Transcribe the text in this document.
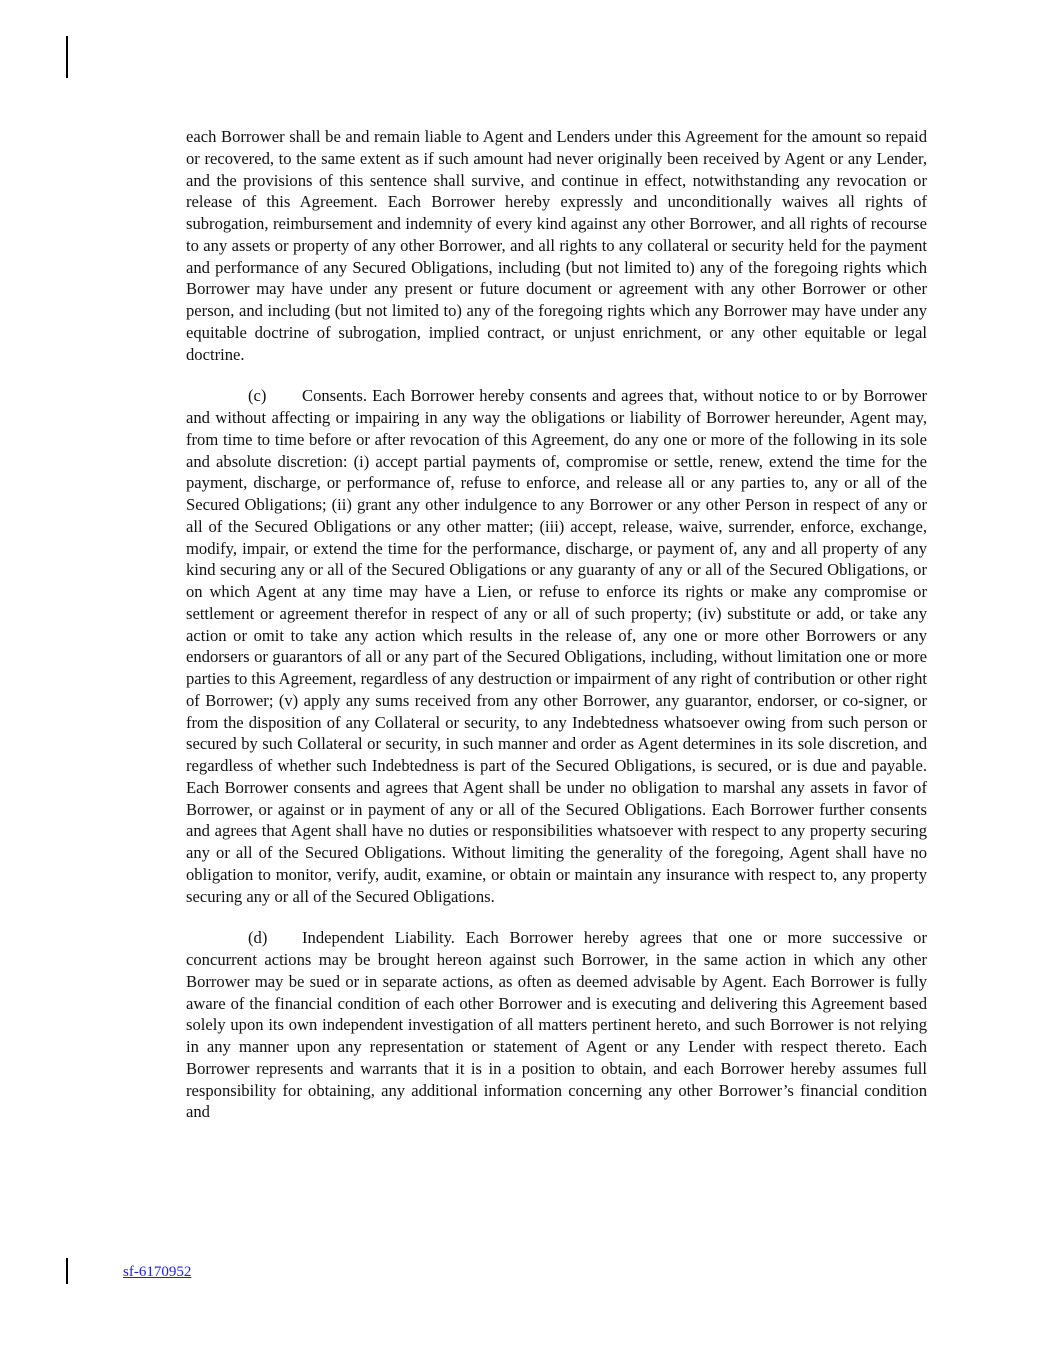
each Borrower shall be and remain liable to Agent and Lenders under this Agreement for the amount so repaid or recovered, to the same extent as if such amount had never originally been received by Agent or any Lender, and the provisions of this sentence shall survive, and continue in effect, notwithstanding any revocation or release of this Agreement. Each Borrower hereby expressly and unconditionally waives all rights of subrogation, reimbursement and indemnity of every kind against any other Borrower, and all rights of recourse to any assets or property of any other Borrower, and all rights to any collateral or security held for the payment and performance of any Secured Obligations, including (but not limited to) any of the foregoing rights which Borrower may have under any present or future document or agreement with any other Borrower or other person, and including (but not limited to) any of the foregoing rights which any Borrower may have under any equitable doctrine of subrogation, implied contract, or unjust enrichment, or any other equitable or legal doctrine.

(c) Consents. Each Borrower hereby consents and agrees that, without notice to or by Borrower and without affecting or impairing in any way the obligations or liability of Borrower hereunder, Agent may, from time to time before or after revocation of this Agreement, do any one or more of the following in its sole and absolute discretion: (i) accept partial payments of, compromise or settle, renew, extend the time for the payment, discharge, or performance of, refuse to enforce, and release all or any parties to, any or all of the Secured Obligations; (ii) grant any other indulgence to any Borrower or any other Person in respect of any or all of the Secured Obligations or any other matter; (iii) accept, release, waive, surrender, enforce, exchange, modify, impair, or extend the time for the performance, discharge, or payment of, any and all property of any kind securing any or all of the Secured Obligations or any guaranty of any or all of the Secured Obligations, or on which Agent at any time may have a Lien, or refuse to enforce its rights or make any compromise or settlement or agreement therefor in respect of any or all of such property; (iv) substitute or add, or take any action or omit to take any action which results in the release of, any one or more other Borrowers or any endorsers or guarantors of all or any part of the Secured Obligations, including, without limitation one or more parties to this Agreement, regardless of any destruction or impairment of any right of contribution or other right of Borrower; (v) apply any sums received from any other Borrower, any guarantor, endorser, or co-signer, or from the disposition of any Collateral or security, to any Indebtedness whatsoever owing from such person or secured by such Collateral or security, in such manner and order as Agent determines in its sole discretion, and regardless of whether such Indebtedness is part of the Secured Obligations, is secured, or is due and payable. Each Borrower consents and agrees that Agent shall be under no obligation to marshal any assets in favor of Borrower, or against or in payment of any or all of the Secured Obligations. Each Borrower further consents and agrees that Agent shall have no duties or responsibilities whatsoever with respect to any property securing any or all of the Secured Obligations. Without limiting the generality of the foregoing, Agent shall have no obligation to monitor, verify, audit, examine, or obtain or maintain any insurance with respect to, any property securing any or all of the Secured Obligations.

(d) Independent Liability. Each Borrower hereby agrees that one or more successive or concurrent actions may be brought hereon against such Borrower, in the same action in which any other Borrower may be sued or in separate actions, as often as deemed advisable by Agent. Each Borrower is fully aware of the financial condition of each other Borrower and is executing and delivering this Agreement based solely upon its own independent investigation of all matters pertinent hereto, and such Borrower is not relying in any manner upon any representation or statement of Agent or any Lender with respect thereto. Each Borrower represents and warrants that it is in a position to obtain, and each Borrower hereby assumes full responsibility for obtaining, any additional information concerning any other Borrower’s financial condition and

sf-6170952
